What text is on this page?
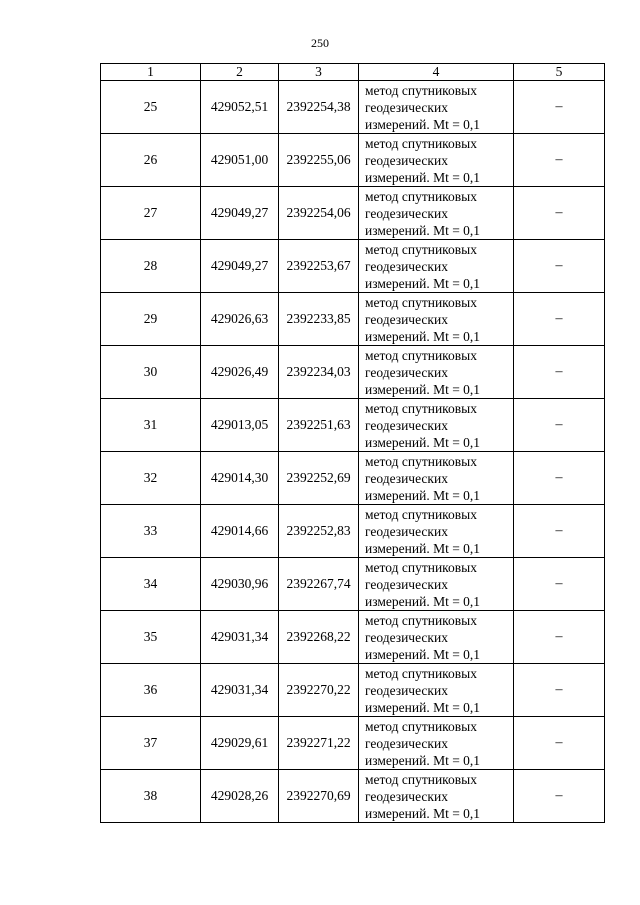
250
1	2	3	4	5
25	429052,51	2392254,38	метод спутниковых
геодезических
измерений. Mt = 0,1	–
26	429051,00	2392255,06	метод спутниковых
геодезических
измерений. Mt = 0,1	–
27	429049,27	2392254,06	метод спутниковых
геодезических
измерений. Mt = 0,1	–
28	429049,27	2392253,67	метод спутниковых
геодезических
измерений. Mt = 0,1	–
29	429026,63	2392233,85	метод спутниковых
геодезических
измерений. Mt = 0,1	–
30	429026,49	2392234,03	метод спутниковых
геодезических
измерений. Mt = 0,1	–
31	429013,05	2392251,63	метод спутниковых
геодезических
измерений. Mt = 0,1	–
32	429014,30	2392252,69	метод спутниковых
геодезических
измерений. Mt = 0,1	–
33	429014,66	2392252,83	метод спутниковых
геодезических
измерений. Mt = 0,1	–
34	429030,96	2392267,74	метод спутниковых
геодезических
измерений. Mt = 0,1	–
35	429031,34	2392268,22	метод спутниковых
геодезических
измерений. Mt = 0,1	–
36	429031,34	2392270,22	метод спутниковых
геодезических
измерений. Mt = 0,1	–
37	429029,61	2392271,22	метод спутниковых
геодезических
измерений. Mt = 0,1	–
38	429028,26	2392270,69	метод спутниковых
геодезических
измерений. Mt = 0,1	–
